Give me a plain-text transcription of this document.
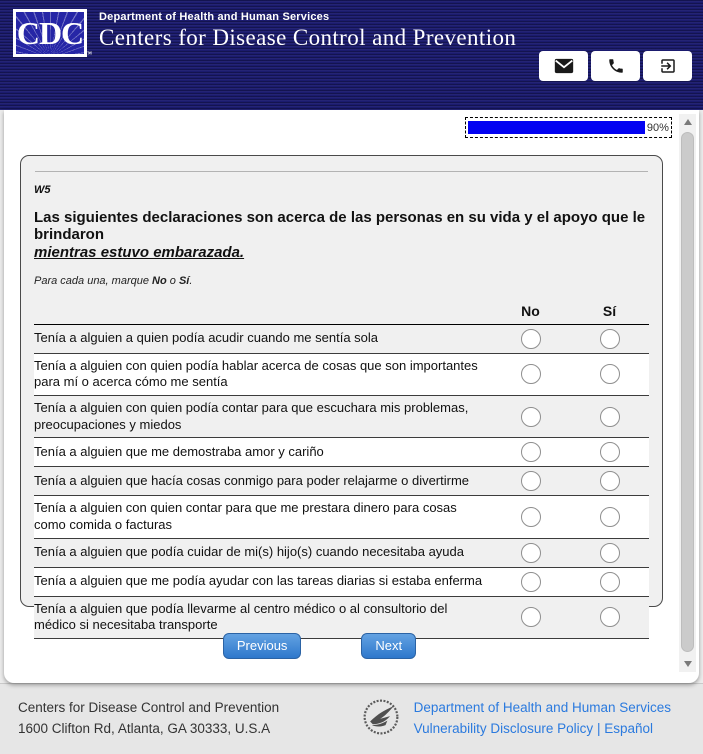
CDC
™
Department of Health and Human Services
Centers for Disease Control and Prevention
90%
W5
Las siguientes declaraciones son acerca de las personas en su vida y el apoyo que le brindaron
mientras estuvo embarazada.
Para cada una, marque No o Sí.
No	Sí
Tenía a alguien a quien podía acudir cuando me sentía sola
Tenía a alguien con quien podía hablar acerca de cosas que son importantes para mí o acerca cómo me sentía
Tenía a alguien con quien podía contar para que escuchara mis problemas, preocupaciones y miedos
Tenía a alguien que me demostraba amor y cariño
Tenía a alguien que hacía cosas conmigo para poder relajarme o divertirme
Tenía a alguien con quien contar para que me prestara dinero para cosas como comida o facturas
Tenía a alguien que podía cuidar de mi(s) hijo(s) cuando necesitaba ayuda
Tenía a alguien que me podía ayudar con las tareas diarias si estaba enferma
Tenía a alguien que podía llevarme al centro médico o al consultorio del médico si necesitaba transporte
Previous	Next
Centers for Disease Control and Prevention
1600 Clifton Rd, Atlanta, GA 30333, U.S.A
Department of Health and Human Services
Vulnerability Disclosure Policy | Español
